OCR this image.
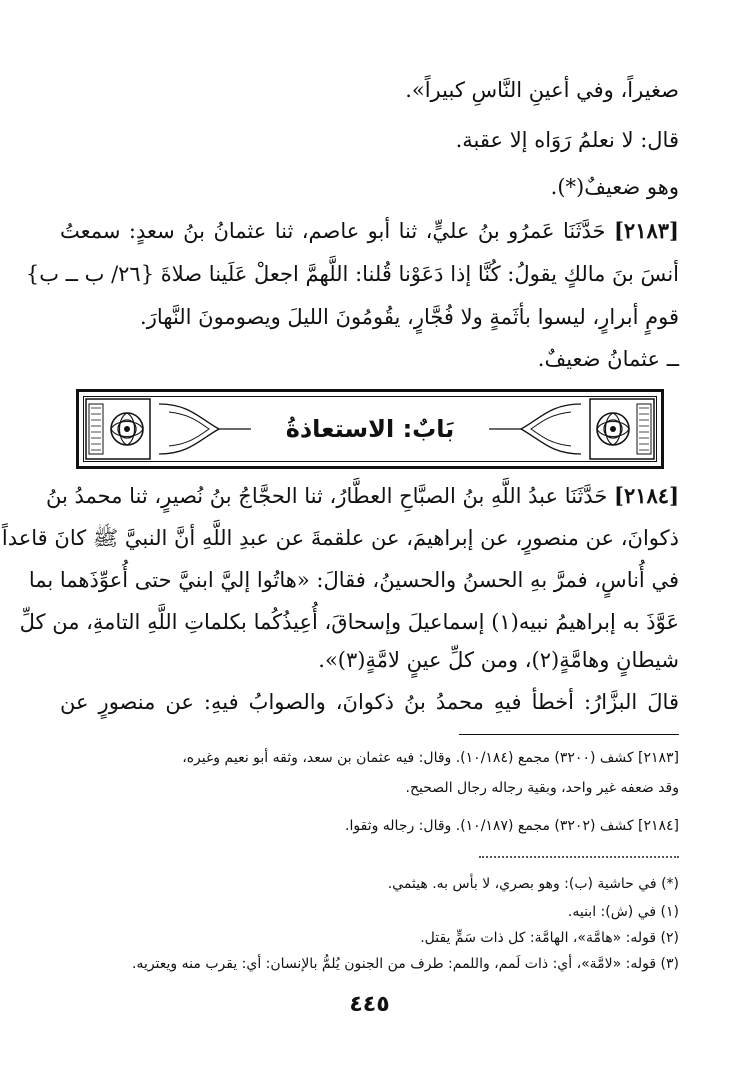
صغيراً، وفي أعينِ النَّاسِ كبيراً».
قال: لا نعلمُ رَوَاه إلا عقبة.
وهو ضعيفٌ(*).
[٢١٨٣] حَدَّثَنَا عَمرُو بنُ عليٍّ، ثنا أبو عاصم، ثنا عثمانُ بنُ سعدٍ: سمعتُ
أنسَ بنَ مالكٍ يقولُ: كُنَّا إذا دَعَوْنا قُلنا: اللَّهمَّ اجعلْ عَلَينا صلاةَ {٢٦/ ب ــ ب}
قومٍ أبرارٍ، ليسوا بأثَمةٍ ولا فُجَّارٍ، يقُومُونَ الليلَ ويصومونَ النَّهارَ.
ــ عثمانُ ضعيفٌ.
بَابٌ: الاستعاذةُ
[٢١٨٤] حَدَّثَنَا عبدُ اللَّهِ بنُ الصبَّاحِ العطَّارُ، ثنا الحجَّاجُ بنُ نُصيرٍ، ثنا محمدُ بنُ
ذكوانَ، عن منصورٍ، عن إبراهيمَ، عن علقمةَ عن عبدِ اللَّهِ أنَّ النبيَّ ﷺ كانَ قاعداً
في أُناسٍ، فمرَّ بهِ الحسنُ والحسينُ، فقالَ: «هاتُوا إليَّ ابنيَّ حتى أُعوِّذَهما بما
عَوَّذَ به إبراهيمُ نبيه(١) إسماعيلَ وإسحاقَ، أُعِيذُكُما بكلماتِ اللَّهِ التامةِ، من كلِّ
شيطانٍ وهامَّةٍ(٢)، ومن كلِّ عينٍ لامَّةٍ(٣)».
قالَ البزَّارُ: أخطأ فيهِ محمدُ بنُ ذكوانَ، والصوابُ فيهِ: عن منصورٍ عن
[٢١٨٣] كشف (٣٢٠٠) مجمع (١٠/١٨٤). وقال: فيه عثمان بن سعد، وثقه أبو نعيم وغيره،
وقد ضعفه غير واحد، وبقية رجاله رجال الصحيح.
[٢١٨٤] كشف (٣٢٠٢) مجمع (١٠/١٨٧). وقال: رجاله وثقوا.
(*) في حاشية (ب): وهو بصري، لا بأس به. هيثمي.
(١) في (ش): ابنيه.
(٢) قوله: «هامَّة»، الهامَّة: كل ذات سَمٍّ يقتل.
(٣) قوله: «لامَّة»، أي: ذات لَمم، واللمم: طرف من الجنون يُلمُّ بالإنسان: أي: يقرب منه ويعتريه.
٤٤٥
